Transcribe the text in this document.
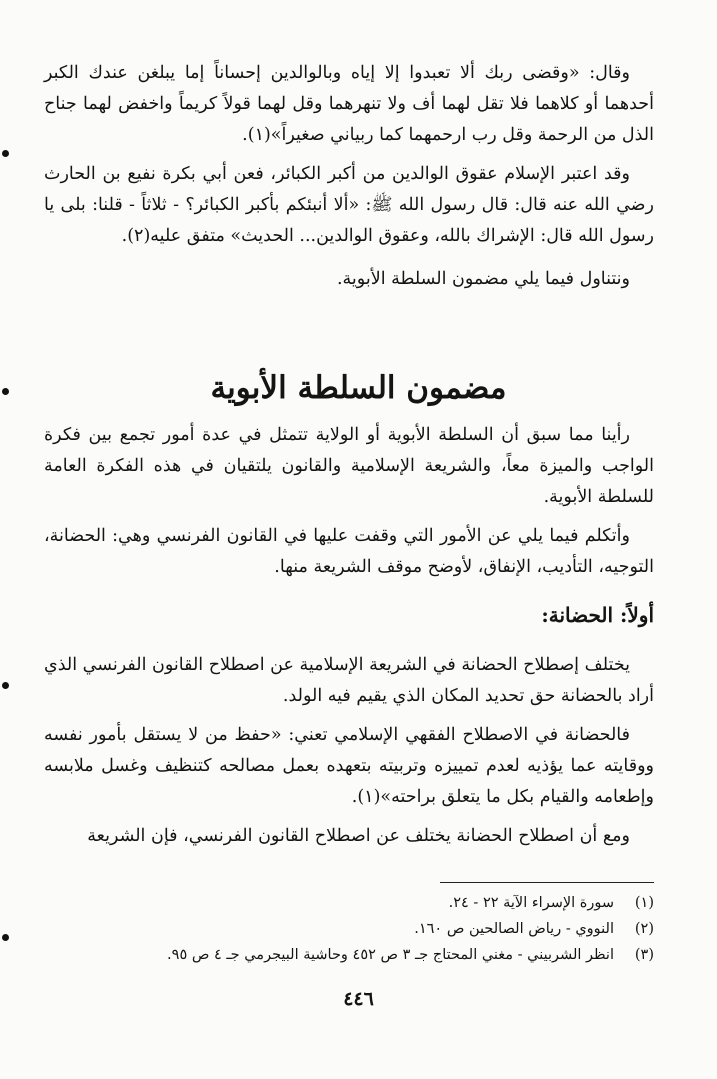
وقال: «وقضى ربك ألا تعبدوا إلا إياه وبالوالدين إحساناً إما يبلغن عندك الكبر أحدهما أو كلاهما فلا تقل لهما أف ولا تنهرهما وقل لهما قولاً كريماً واخفض لهما جناح الذل من الرحمة وقل رب ارحمهما كما ربياني صغيراً»(١).

وقد اعتبر الإسلام عقوق الوالدين من أكبر الكبائر، فعن أبي بكرة نفيع بن الحارث رضي الله عنه قال: قال رسول الله ﷺ: «ألا أنبئكم بأكبر الكبائر؟ - ثلاثاً - قلنا: بلى يا رسول الله قال: الإشراك بالله، وعقوق الوالدين... الحديث» متفق عليه(٢).

ونتناول فيما يلي مضمون السلطة الأبوية.

مضمون السلطة الأبوية

رأينا مما سبق أن السلطة الأبوية أو الولاية تتمثل في عدة أمور تجمع بين فكرة الواجب والميزة معاً، والشريعة الإسلامية والقانون يلتقيان في هذه الفكرة العامة للسلطة الأبوية.

وأتكلم فيما يلي عن الأمور التي وقفت عليها في القانون الفرنسي وهي: الحضانة، التوجيه، التأديب، الإنفاق، لأوضح موقف الشريعة منها.

أولاً: الحضانة:

يختلف إصطلاح الحضانة في الشريعة الإسلامية عن اصطلاح القانون الفرنسي الذي أراد بالحضانة حق تحديد المكان الذي يقيم فيه الولد.

فالحضانة في الاصطلاح الفقهي الإسلامي تعني: «حفظ من لا يستقل بأمور نفسه ووقايته عما يؤذيه لعدم تمييزه وتربيته بتعهده بعمل مصالحه كتنظيف وغسل ملابسه وإطعامه والقيام بكل ما يتعلق براحته»(١).

ومع أن اصطلاح الحضانة يختلف عن اصطلاح القانون الفرنسي، فإن الشريعة

(١)
سورة الإسراء الآية ٢٢ - ٢٤.
(٢)
النووي - رياض الصالحين ص ١٦٠.
(٣)
انظر الشربيني - مغني المحتاج جـ ٣ ص ٤٥٢ وحاشية البيجرمي جـ ٤ ص ٩٥.
٤٤٦
